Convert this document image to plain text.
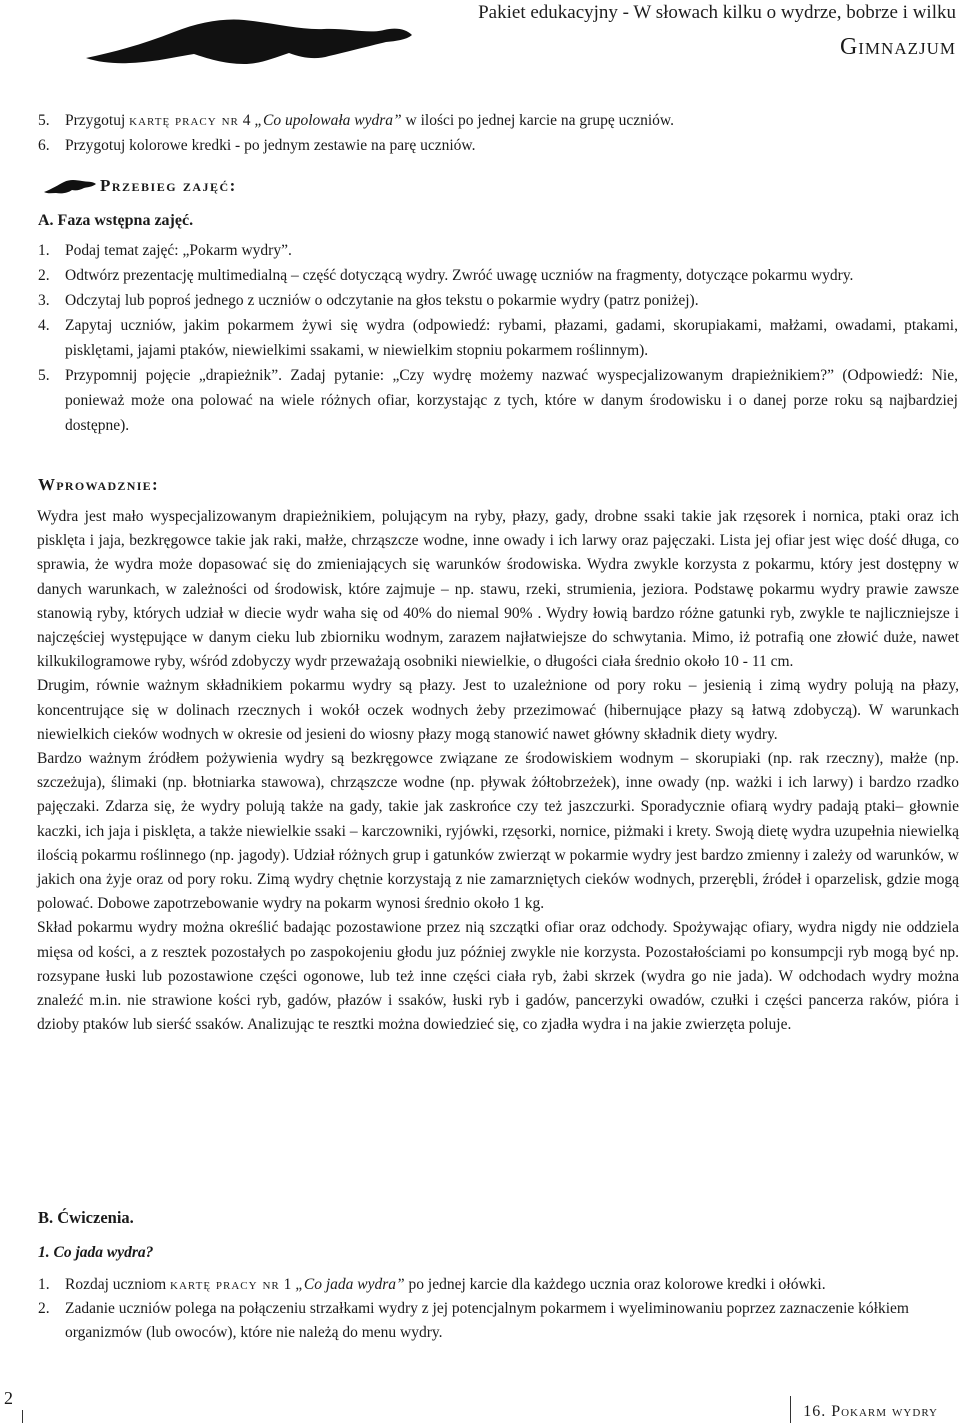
Pakiet edukacyjny - W słowach kilku o wydrze, bobrze i wilku
Gimnazjum
5. Przygotuj kartę pracy nr 4 „Co upolowała wydra” w ilości po jednej karcie na grupę uczniów.
6. Przygotuj kolorowe kredki - po jednym zestawie na parę uczniów.
Przebieg zajęć:
A. Faza wstępna zajęć.
1. Podaj temat zajęć: „Pokarm wydry”.
2. Odtwórz prezentację multimedialną – część dotyczącą wydry. Zwróć uwagę uczniów na fragmenty, dotyczące pokarmu wydry.
3. Odczytaj lub poproś jednego z uczniów o odczytanie na głos tekstu o pokarmie wydry (patrz poniżej).
4. Zapytaj uczniów, jakim pokarmem żywi się wydra (odpowiedź: rybami, płazami, gadami, skorupiakami, małżami, owadami, ptakami, pisklętami, jajami ptaków, niewielkimi ssakami, w niewielkim stopniu pokarmem roślinnym).
5. Przypomnij pojęcie „drapieżnik”. Zadaj pytanie: „Czy wydrę możemy nazwać wyspecjalizowanym drapieżnikiem?” (Odpowiedź: Nie, ponieważ może ona polować na wiele różnych ofiar, korzystając z tych, które w danym środowisku i o danej porze roku są najbardziej dostępne).
Wprowadznie:

Wydra jest mało wyspecjalizowanym drapieżnikiem, polującym na ryby, płazy, gady, drobne ssaki takie jak rzęsorek i nornica, ptaki oraz ich pisklęta i jaja, bezkręgowce takie jak raki, małże, chrząszcze wodne, inne owady i ich larwy oraz pajęczaki. Lista jej ofiar jest więc dość długa, co sprawia, że wydra może dopasować się do zmieniających się warunków środowiska. Wydra zwykle korzysta z pokarmu, który jest dostępny w danych warunkach, w zależności od środowisk, które zajmuje – np. stawu, rzeki, strumienia, jeziora. Podstawę pokarmu wydry prawie zawsze stanowią ryby, których udział w diecie wydr waha się od 40% do niemal 90% . Wydry łowią bardzo różne gatunki ryb, zwykle te najliczniejsze i najczęściej występujące w danym cieku lub zbiorniku wodnym, zarazem najłatwiejsze do schwytania. Mimo, iż potrafią one złowić duże, nawet kilkukilogramowe ryby, wśród zdobyczy wydr przeważają osobniki niewielkie, o długości ciała średnio około 10 - 11 cm.

Drugim, równie ważnym składnikiem pokarmu wydry są płazy. Jest to uzależnione od pory roku – jesienią i zimą wydry polują na płazy, koncentrujące się w dolinach rzecznych i wokół oczek wodnych żeby przezimować (hibernujące płazy są łatwą zdobyczą). W warunkach niewielkich cieków wodnych w okresie od jesieni do wiosny płazy mogą stanowić nawet główny składnik diety wydry.

Bardzo ważnym źródłem pożywienia wydry są bezkręgowce związane ze środowiskiem wodnym – skorupiaki (np. rak rzeczny), małże (np. szczeżuja), ślimaki (np. błotniarka stawowa), chrząszcze wodne (np. pływak żółtobrzeżek), inne owady (np. ważki i ich larwy) i bardzo rzadko pajęczaki. Zdarza się, że wydry polują także na gady, takie jak zaskrońce czy też jaszczurki. Sporadycznie ofiarą wydry padają ptaki– głownie kaczki, ich jaja i pisklęta, a także niewielkie ssaki – karczowniki, ryjówki, rzęsorki, nornice, piżmaki i krety. Swoją dietę wydra uzupełnia niewielką ilością pokarmu roślinnego (np. jagody). Udział różnych grup i gatunków zwierząt w pokarmie wydry jest bardzo zmienny i zależy od warunków, w jakich ona żyje oraz od pory roku. Zimą wydry chętnie korzystają z nie zamarzniętych cieków wodnych, przerębli, źródeł i oparzelisk, gdzie mogą polować. Dobowe zapotrzebowanie wydry na pokarm wynosi średnio około 1 kg.

Skład pokarmu wydry można określić badając pozostawione przez nią szczątki ofiar oraz odchody. Spożywając ofiary, wydra nigdy nie oddziela mięsa od kości, a z resztek pozostałych po zaspokojeniu głodu juz później zwykle nie korzysta. Pozostałościami po konsumpcji ryb mogą być np. rozsypane łuski lub pozostawione części ogonowe, lub też inne części ciała ryb, żabi skrzek (wydra go nie jada). W odchodach wydry można znaleźć m.in. nie strawione kości ryb, gadów, płazów i ssaków, łuski ryb i gadów, pancerzyki owadów, czułki i części pancerza raków, pióra i dzioby ptaków lub sierść ssaków. Analizując te resztki można dowiedzieć się, co zjadła wydra i na jakie zwierzęta poluje.

B. Ćwiczenia.
1. Co jada wydra?
1. Rozdaj uczniom kartę pracy nr 1 „Co jada wydra” po jednej karcie dla każdego ucznia oraz kolorowe kredki i ołówki.
2. Zadanie uczniów polega na połączeniu strzałkami wydry z jej potencjalnym pokarmem i wyeliminowaniu poprzez zaznaczenie kółkiem organizmów (lub owoców), które nie należą do menu wydry.
2
16. Pokarm wydry
